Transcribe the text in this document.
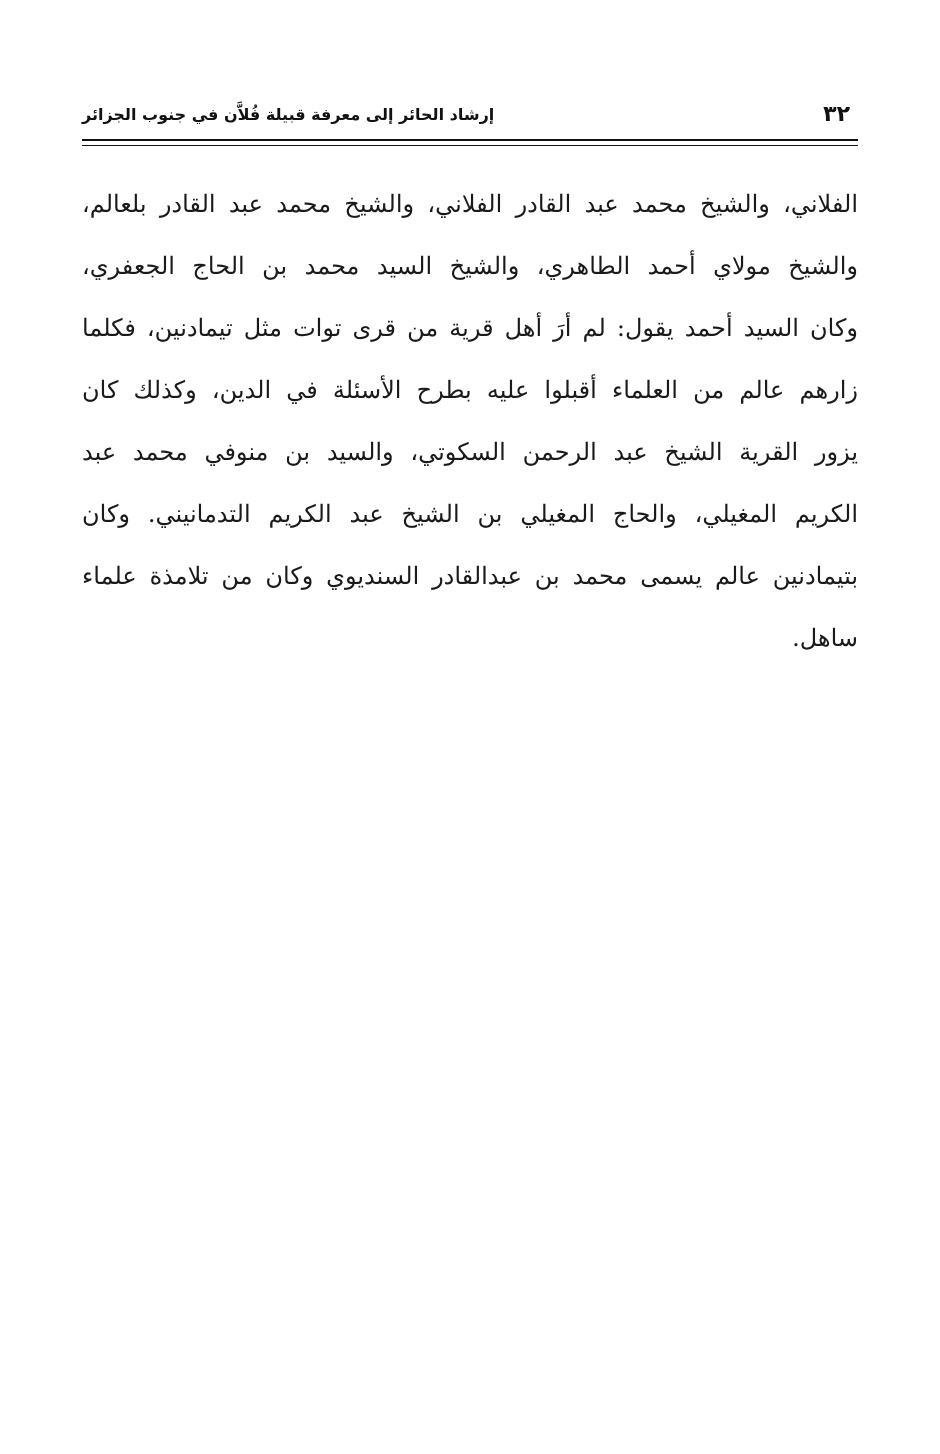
٣٢
إرشاد الحائر إلى معرفة قبيلة فُلاَّن في جنوب الجزائر
الفلاني، والشيخ محمد عبد القادر الفلاني، والشيخ محمد عبد القادر بلعالم،
والشيخ مولاي أحمد الطاهري، والشيخ السيد محمد بن الحاج الجعفري،
وكان السيد أحمد يقول: لم أرَ أهل قرية من قرى توات مثل تيمادنين، فكلما
زارهم عالم من العلماء أقبلوا عليه بطرح الأسئلة في الدين، وكذلك كان
يزور القرية الشيخ عبد الرحمن السكوتي، والسيد بن منوفي محمد عبد
الكريم المغيلي، والحاج المغيلي بن الشيخ عبد الكريم التدمانيني. وكان
بتيمادنين عالم يسمى محمد بن عبدالقادر السنديوي وكان من تلامذة علماء
ساهل.
